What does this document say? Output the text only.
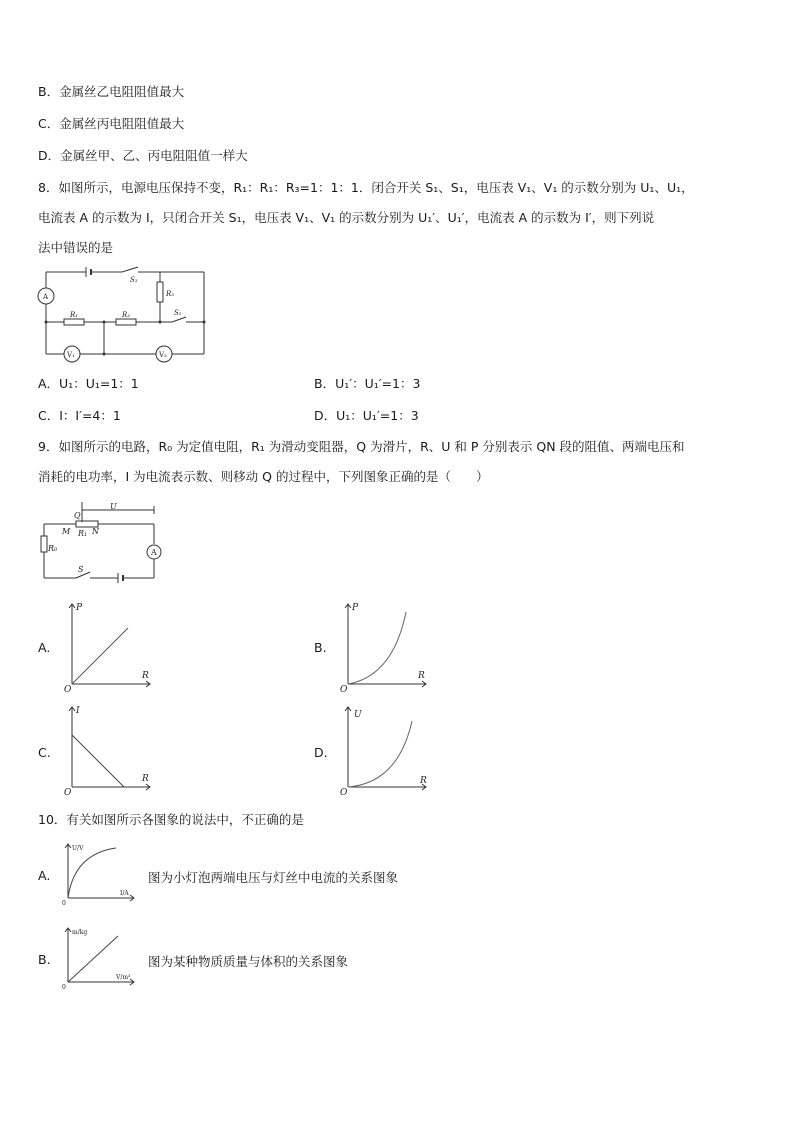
B．金属丝乙电阻阻值最大
C．金属丝丙电阻阻值最大
D．金属丝甲、乙、丙电阻阻值一样大
8．如图所示，电源电压保持不变，R₁：R₁：R₃=1：1：1．闭合开关 S₁、S₁，电压表 V₁、V₁ 的示数分别为 U₁、U₁，
电流表 A 的示数为 I，只闭合开关 S₁，电压表 V₁、V₁ 的示数分别为 U₁′、U₁′，电流表 A 的示数为 I′，则下列说
法中错误的是
A
S₁
S₂
R₃
R₁	R₂
V₁	V₂
A．U₁：U₁=1：1	B．U₁′：U₁′=1：3
C．I：I′=4：1	D．U₁：U₁′=1：3
9．如图所示的电路，R₀ 为定值电阻，R₁ 为滑动变阻器，Q 为滑片，R、U 和 P 分别表示 QN 段的阻值、两端电压和
消耗的电功率，I 为电流表示数、则移动 Q 的过程中，下列图象正确的是（　　）
U
Q
M R₁ N
R₀	A
S
A.
P
R
O
B.
P
R
O
C.
I
R
O
D.
U
R
O
10．有关如图所示各图象的说法中，不正确的是
A.
U/V
I/A
0
图为小灯泡两端电压与灯丝中电流的关系图象
B.
m/kg
V/m³
0
图为某种物质质量与体积的关系图象
